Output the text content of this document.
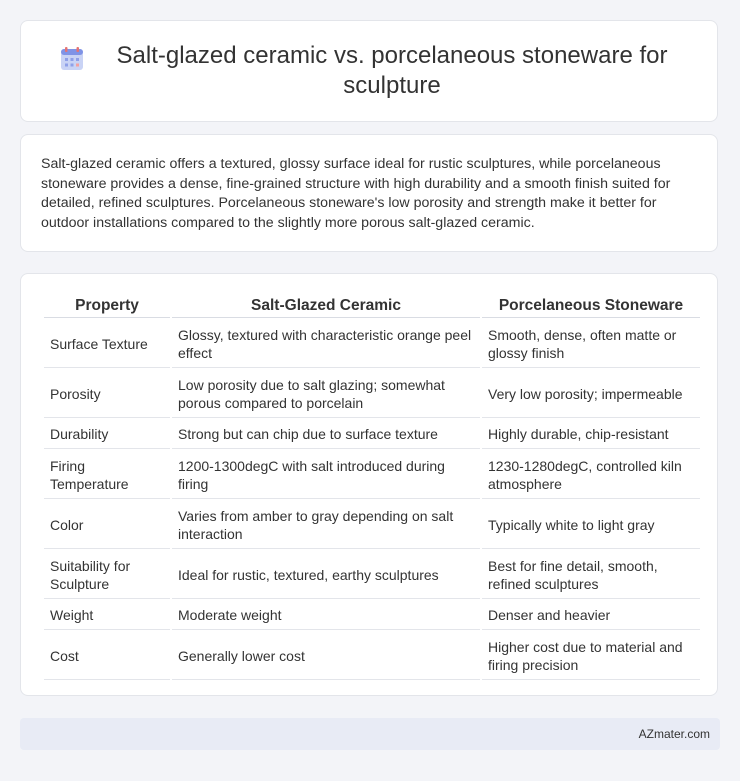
Salt-glazed ceramic vs. porcelaneous stoneware for sculpture

Salt-glazed ceramic offers a textured, glossy surface ideal for rustic sculptures, while porcelaneous stoneware provides a dense, fine-grained structure with high durability and a smooth finish suited for detailed, refined sculptures. Porcelaneous stoneware's low porosity and strength make it better for outdoor installations compared to the slightly more porous salt-glazed ceramic.

Property	Salt-Glazed Ceramic	Porcelaneous Stoneware
Surface Texture	Glossy, textured with characteristic orange peel effect	Smooth, dense, often matte or glossy finish
Porosity	Low porosity due to salt glazing; somewhat porous compared to porcelain	Very low porosity; impermeable
Durability	Strong but can chip due to surface texture	Highly durable, chip-resistant
Firing Temperature	1200-1300degC with salt introduced during firing	1230-1280degC, controlled kiln atmosphere
Color	Varies from amber to gray depending on salt interaction	Typically white to light gray
Suitability for Sculpture	Ideal for rustic, textured, earthy sculptures	Best for fine detail, smooth, refined sculptures
Weight	Moderate weight	Denser and heavier
Cost	Generally lower cost	Higher cost due to material and firing precision
AZmater.com
